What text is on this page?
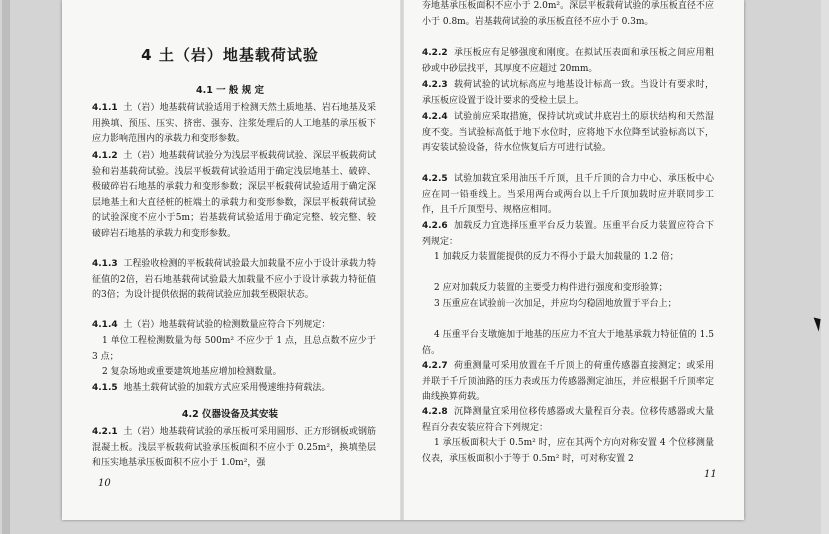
4 土（岩）地基载荷试验
4.1 一 般 规 定
4.1.1 土（岩）地基载荷试验适用于检测天然土质地基、岩石地基及采用换填、预压、压实、挤密、强夯、注浆处理后的人工地基的承压板下应力影响范围内的承载力和变形参数。
4.1.2 土（岩）地基载荷试验分为浅层平板载荷试验、深层平板载荷试验和岩基载荷试验。浅层平板载荷试验适用于确定浅层地基土、破碎、极破碎岩石地基的承载力和变形参数；深层平板载荷试验适用于确定深层地基土和大直径桩的桩端土的承载力和变形参数，深层平板载荷试验的试验深度不应小于5m；岩基载荷试验适用于确定完整、较完整、较破碎岩石地基的承载力和变形参数。
4.1.3 工程验收检测的平板载荷试验最大加载量不应小于设计承载力特征值的2倍，岩石地基载荷试验最大加载量不应小于设计承载力特征值的3倍；为设计提供依据的载荷试验应加载至极限状态。
4.1.4 土（岩）地基载荷试验的检测数量应符合下列规定：
1 单位工程检测数量为每 500m² 不应少于 1 点，且总点数不应少于 3 点；
2 复杂场地或重要建筑地基应增加检测数量。
4.1.5 地基土载荷试验的加载方式应采用慢速维持荷载法。
4.2 仪器设备及其安装
4.2.1 土（岩）地基载荷试验的承压板可采用圆形、正方形钢板或钢筋混凝土板。浅层平板载荷试验承压板面积不应小于 0.25m²，换填垫层和压实地基承压板面积不应小于 1.0m²，强
10
夯地基承压板面积不应小于 2.0m²。深层平板载荷试验的承压板直径不应小于 0.8m。岩基载荷试验的承压板直径不应小于 0.3m。
4.2.2 承压板应有足够强度和刚度。在拟试压表面和承压板之间应用粗砂或中砂层找平，其厚度不应超过 20mm。
4.2.3 载荷试验的试坑标高应与地基设计标高一致。当设计有要求时，承压板应设置于设计要求的受检土层上。
4.2.4 试验前应采取措施，保持试坑或试井底岩土的原状结构和天然湿度不变。当试验标高低于地下水位时，应将地下水位降至试验标高以下，再安装试验设备，待水位恢复后方可进行试验。
4.2.5 试验加载宜采用油压千斤顶，且千斤顶的合力中心、承压板中心应在同一铅垂线上。当采用两台或两台以上千斤顶加载时应并联同步工作，且千斤顶型号、规格应相同。
4.2.6 加载反力宜选择压重平台反力装置。压重平台反力装置应符合下列规定：
1 加载反力装置能提供的反力不得小于最大加载量的 1.2 倍；
2 应对加载反力装置的主要受力构件进行强度和变形验算；
3 压重应在试验前一次加足，并应均匀稳固地放置于平台上；
4 压重平台支墩施加于地基的压应力不宜大于地基承载力特征值的 1.5 倍。
4.2.7 荷重测量可采用放置在千斤顶上的荷重传感器直接测定；或采用并联于千斤顶油路的压力表或压力传感器测定油压，并应根据千斤顶率定曲线换算荷载。
4.2.8 沉降测量宜采用位移传感器或大量程百分表。位移传感器或大量程百分表安装应符合下列规定：
1 承压板面积大于 0.5m² 时，应在其两个方向对称安置 4 个位移测量仪表，承压板面积小于等于 0.5m² 时，可对称安置 2
11
